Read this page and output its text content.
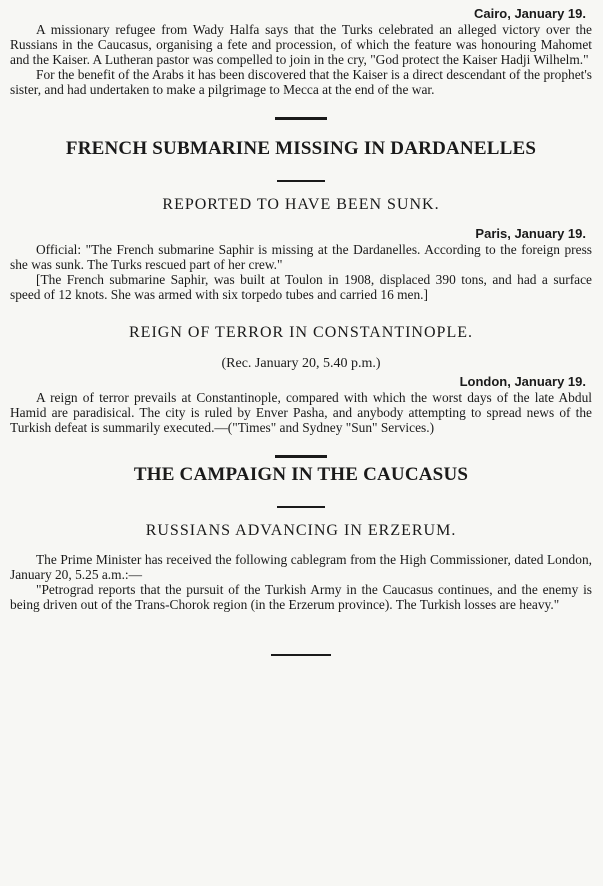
Cairo, January 19.

A missionary refugee from Wady Halfa says that the Turks celebrated an alleged victory over the Russians in the Caucasus, organising a fete and procession, of which the feature was honouring Mahomet and the Kaiser. A Lutheran pastor was compelled to join in the cry, "God protect the Kaiser Hadji Wilhelm."

For the benefit of the Arabs it has been discovered that the Kaiser is a direct descendant of the prophet's sister, and had undertaken to make a pilgrimage to Mecca at the end of the war.

FRENCH SUBMARINE MISSING IN DARDANELLES
REPORTED TO HAVE BEEN SUNK.
Paris, January 19.

Official: "The French submarine Saphir is missing at the Dardanelles. According to the foreign press she was sunk. The Turks rescued part of her crew."

[The French submarine Saphir, was built at Toulon in 1908, displaced 390 tons, and had a surface speed of 12 knots. She was armed with six torpedo tubes and carried 16 men.]

REIGN OF TERROR IN CONSTANTINOPLE.
(Rec. January 20, 5.40 p.m.)
London, January 19.

A reign of terror prevails at Constantinople, compared with which the worst days of the late Abdul Hamid are paradisical. The city is ruled by Enver Pasha, and anybody attempting to spread news of the Turkish defeat is summarily executed.—("Times" and Sydney "Sun" Services.)

THE CAMPAIGN IN THE CAUCASUS
RUSSIANS ADVANCING IN ERZERUM.

The Prime Minister has received the following cablegram from the High Commissioner, dated London, January 20, 5.25 a.m.:—

"Petrograd reports that the pursuit of the Turkish Army in the Caucasus continues, and the enemy is being driven out of the Trans-Chorok region (in the Erzerum province). The Turkish losses are heavy."
